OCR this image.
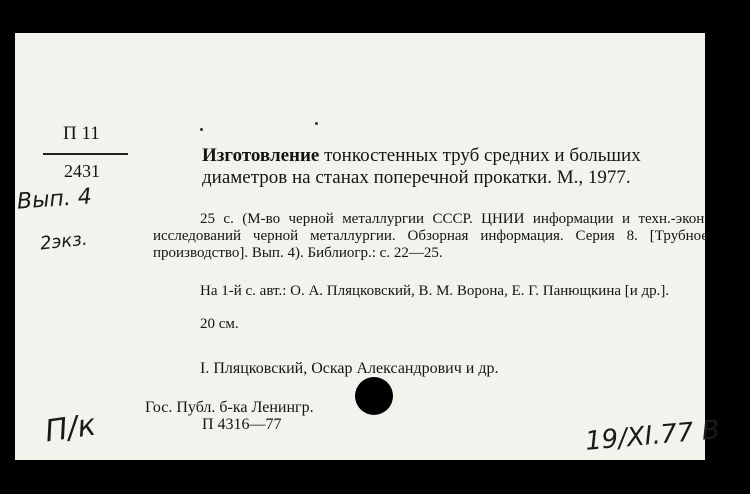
П 11
2431
Вып. 4
2экз.
Изготовление тонкостенных труб средних и больших диаметров на станах поперечной прокатки. М., 1977.
25 с. (М-во черной металлургии СССР. ЦНИИ информации и техн.-экон. исследований черной металлургии. Обзорная информация. Серия 8. [Трубное производство]. Вып. 4). Библиогр.: с. 22—25.
На 1-й с. авт.: О. А. Пляцковский, В. М. Ворона, Е. Г. Панющкина [и др.].
20 см.
I. Пляцковский, Оскар Александрович и др.
Гос. Публ. б-ка Ленингр.
П 4316—77
П/к	19/XI.77 В
